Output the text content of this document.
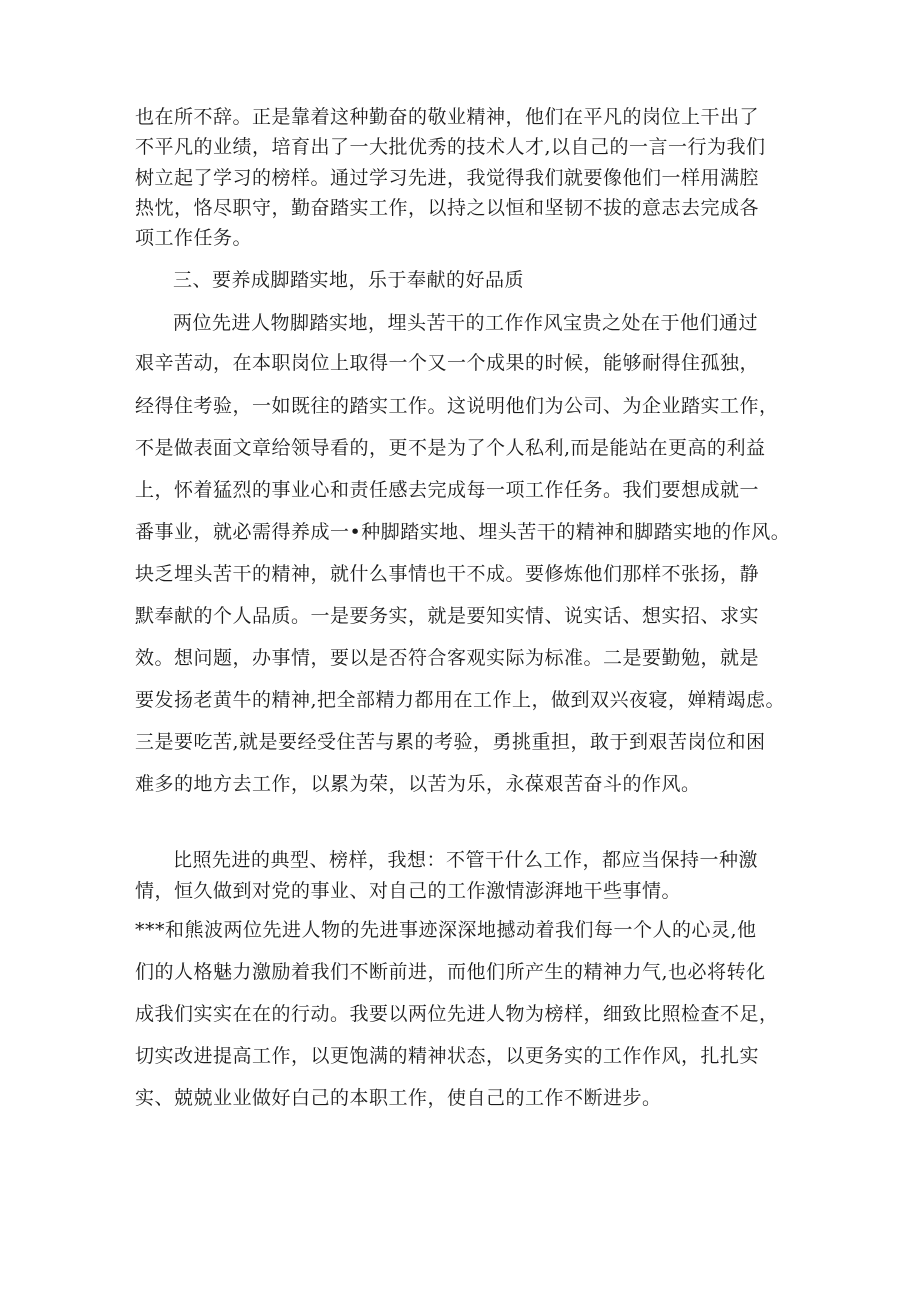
也在所不辞。正是靠着这种勤奋的敬业精神，他们在平凡的岗位上干出了

不平凡的业绩，培育出了一大批优秀的技术人才,以自己的一言一行为我们

树立起了学习的榜样。通过学习先进，我觉得我们就要像他们一样用满腔

热忱，恪尽职守，勤奋踏实工作，以持之以恒和坚韧不拔的意志去完成各

项工作任务。

三、要养成脚踏实地，乐于奉献的好品质

两位先进人物脚踏实地，埋头苦干的工作作风宝贵之处在于他们通过

艰辛苦动，在本职岗位上取得一个又一个成果的时候，能够耐得住孤独，

经得住考验，一如既往的踏实工作。这说明他们为公司、为企业踏实工作，

不是做表面文章给领导看的，更不是为了个人私利,而是能站在更高的利益

上，怀着猛烈的事业心和责任感去完成每一项工作任务。我们要想成就一

番事业，就必需得养成一•种脚踏实地、埋头苦干的精神和脚踏实地的作风。

块乏埋头苦干的精神，就什么事情也干不成。要修炼他们那样不张扬，静

默奉献的个人品质。一是要务实，就是要知实情、说实话、想实招、求实

效。想问题，办事情，要以是否符合客观实际为标准。二是要勤勉，就是

要发扬老黄牛的精神,把全部精力都用在工作上，做到双兴夜寝，婵精竭虑。

三是要吃苦,就是要经受住苦与累的考验，勇挑重担，敢于到艰苦岗位和困

难多的地方去工作，以累为荣，以苦为乐，永葆艰苦奋斗的作风。

比照先进的典型、榜样，我想：不管干什么工作，都应当保持一种激

情，恒久做到对党的事业、对自己的工作激情澎湃地干些事情。

***和熊波两位先进人物的先进事迹深深地撼动着我们每一个人的心灵,他

们的人格魅力激励着我们不断前进，而他们所产生的精神力气,也必将转化

成我们实实在在的行动。我要以两位先进人物为榜样，细致比照检查不足，

切实改进提高工作，以更饱满的精神状态，以更务实的工作作风，扎扎实

实、兢兢业业做好白己的本职工作，使自己的工作不断进步。
